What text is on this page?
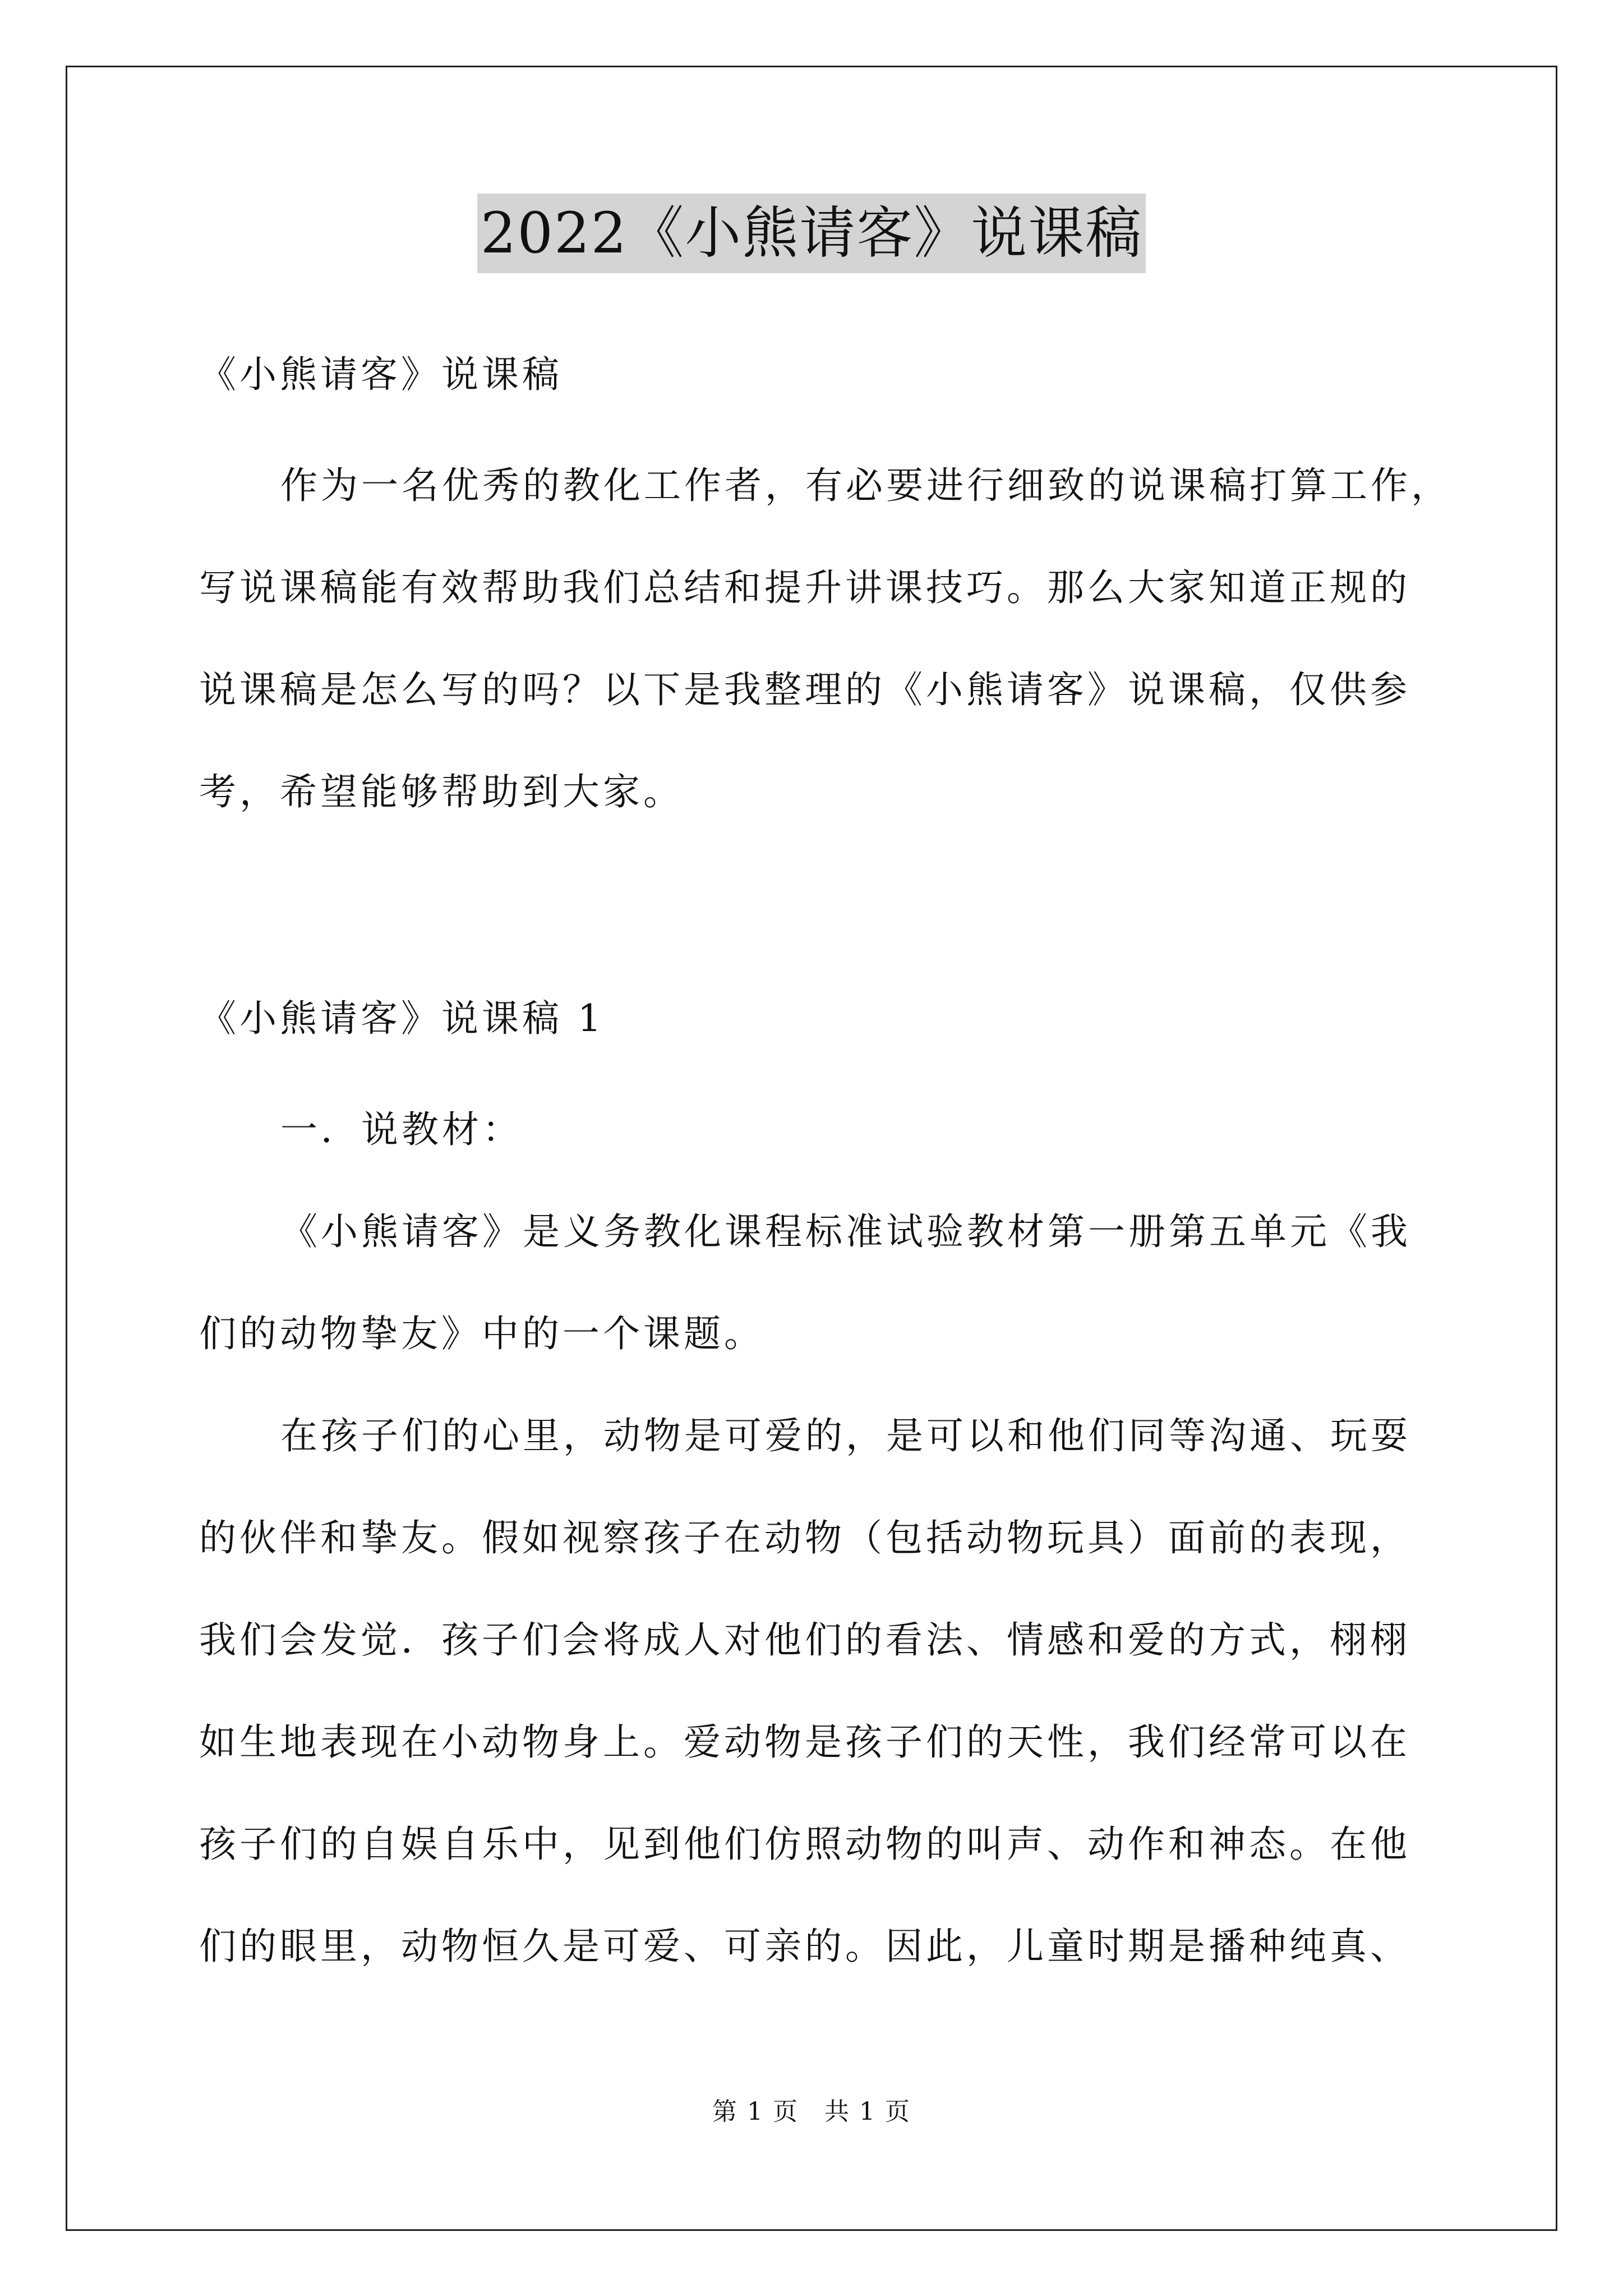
2022《小熊请客》说课稿
《小熊请客》说课稿
作为一名优秀的教化工作者，有必要进行细致的说课稿打算工作，
写说课稿能有效帮助我们总结和提升讲课技巧。那么大家知道正规的
说课稿是怎么写的吗？以下是我整理的《小熊请客》说课稿，仅供参
考，希望能够帮助到大家。
《小熊请客》说课稿 1
一．说教材：
《小熊请客》是义务教化课程标准试验教材第一册第五单元《我
们的动物挚友》中的一个课题。
在孩子们的心里，动物是可爱的，是可以和他们同等沟通、玩耍
的伙伴和挚友。假如视察孩子在动物（包括动物玩具）面前的表现，
我们会发觉．孩子们会将成人对他们的看法、情感和爱的方式，栩栩
如生地表现在小动物身上。爱动物是孩子们的天性，我们经常可以在
孩子们的自娱自乐中，见到他们仿照动物的叫声、动作和神态。在他
们的眼里，动物恒久是可爱、可亲的。因此，儿童时期是播种纯真、
第 1 页　共 1 页
